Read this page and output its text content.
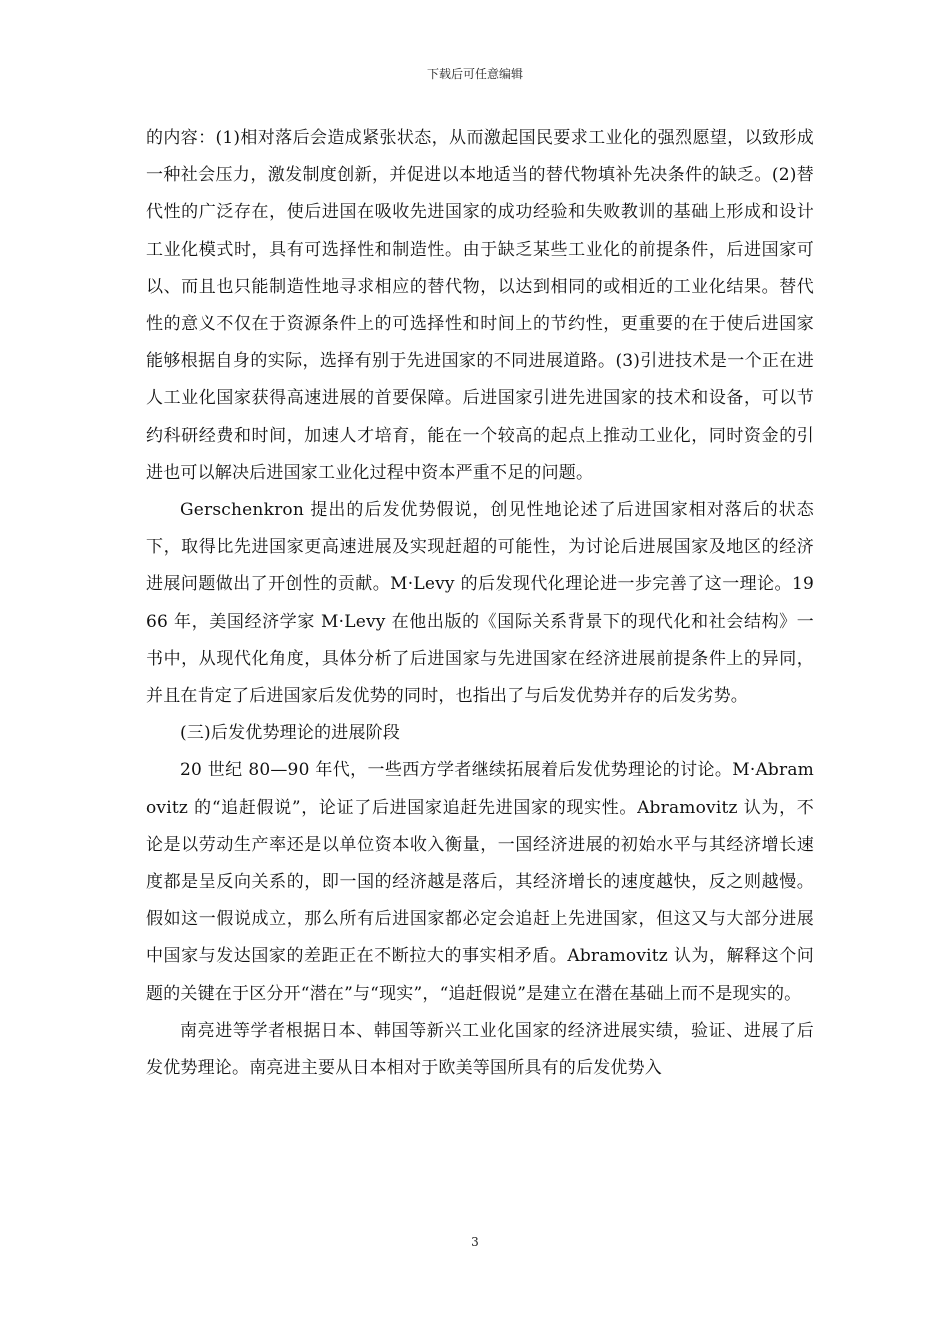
下载后可任意编辑

的内容：(1)相对落后会造成紧张状态，从而激起国民要求工业化的强烈愿望，以致形成一种社会压力，激发制度创新，并促进以本地适当的替代物填补先决条件的缺乏。(2)替代性的广泛存在，使后进国在吸收先进国家的成功经验和失败教训的基础上形成和设计工业化模式时，具有可选择性和制造性。由于缺乏某些工业化的前提条件，后进国家可以、而且也只能制造性地寻求相应的替代物，以达到相同的或相近的工业化结果。替代性的意义不仅在于资源条件上的可选择性和时间上的节约性，更重要的在于使后进国家能够根据自身的实际，选择有别于先进国家的不同进展道路。(3)引进技术是一个正在进人工业化国家获得高速进展的首要保障。后进国家引进先进国家的技术和设备，可以节约科研经费和时间，加速人才培育，能在一个较高的起点上推动工业化，同时资金的引进也可以解决后进国家工业化过程中资本严重不足的问题。

Gerschenkron 提出的后发优势假说，创见性地论述了后进国家相对落后的状态下，取得比先进国家更高速进展及实现赶超的可能性，为讨论后进展国家及地区的经济进展问题做出了开创性的贡献。M·Levy 的后发现代化理论进一步完善了这一理论。1966 年，美国经济学家 M·Levy 在他出版的《国际关系背景下的现代化和社会结构》一书中，从现代化角度，具体分析了后进国家与先进国家在经济进展前提条件上的异同，并且在肯定了后进国家后发优势的同时，也指出了与后发优势并存的后发劣势。

(三)后发优势理论的进展阶段

20 世纪 80—90 年代，一些西方学者继续拓展着后发优势理论的讨论。M·Abramovitz 的“追赶假说”，论证了后进国家追赶先进国家的现实性。Abramovitz 认为，不论是以劳动生产率还是以单位资本收入衡量，一国经济进展的初始水平与其经济增长速度都是呈反向关系的，即一国的经济越是落后，其经济增长的速度越快，反之则越慢。假如这一假说成立，那么所有后进国家都必定会追赶上先进国家，但这又与大部分进展中国家与发达国家的差距正在不断拉大的事实相矛盾。Abramovitz 认为，解释这个问题的关键在于区分开“潜在”与“现实”，“追赶假说”是建立在潜在基础上而不是现实的。

南亮进等学者根据日本、韩国等新兴工业化国家的经济进展实绩，验证、进展了后发优势理论。南亮进主要从日本相对于欧美等国所具有的后发优势入

3
